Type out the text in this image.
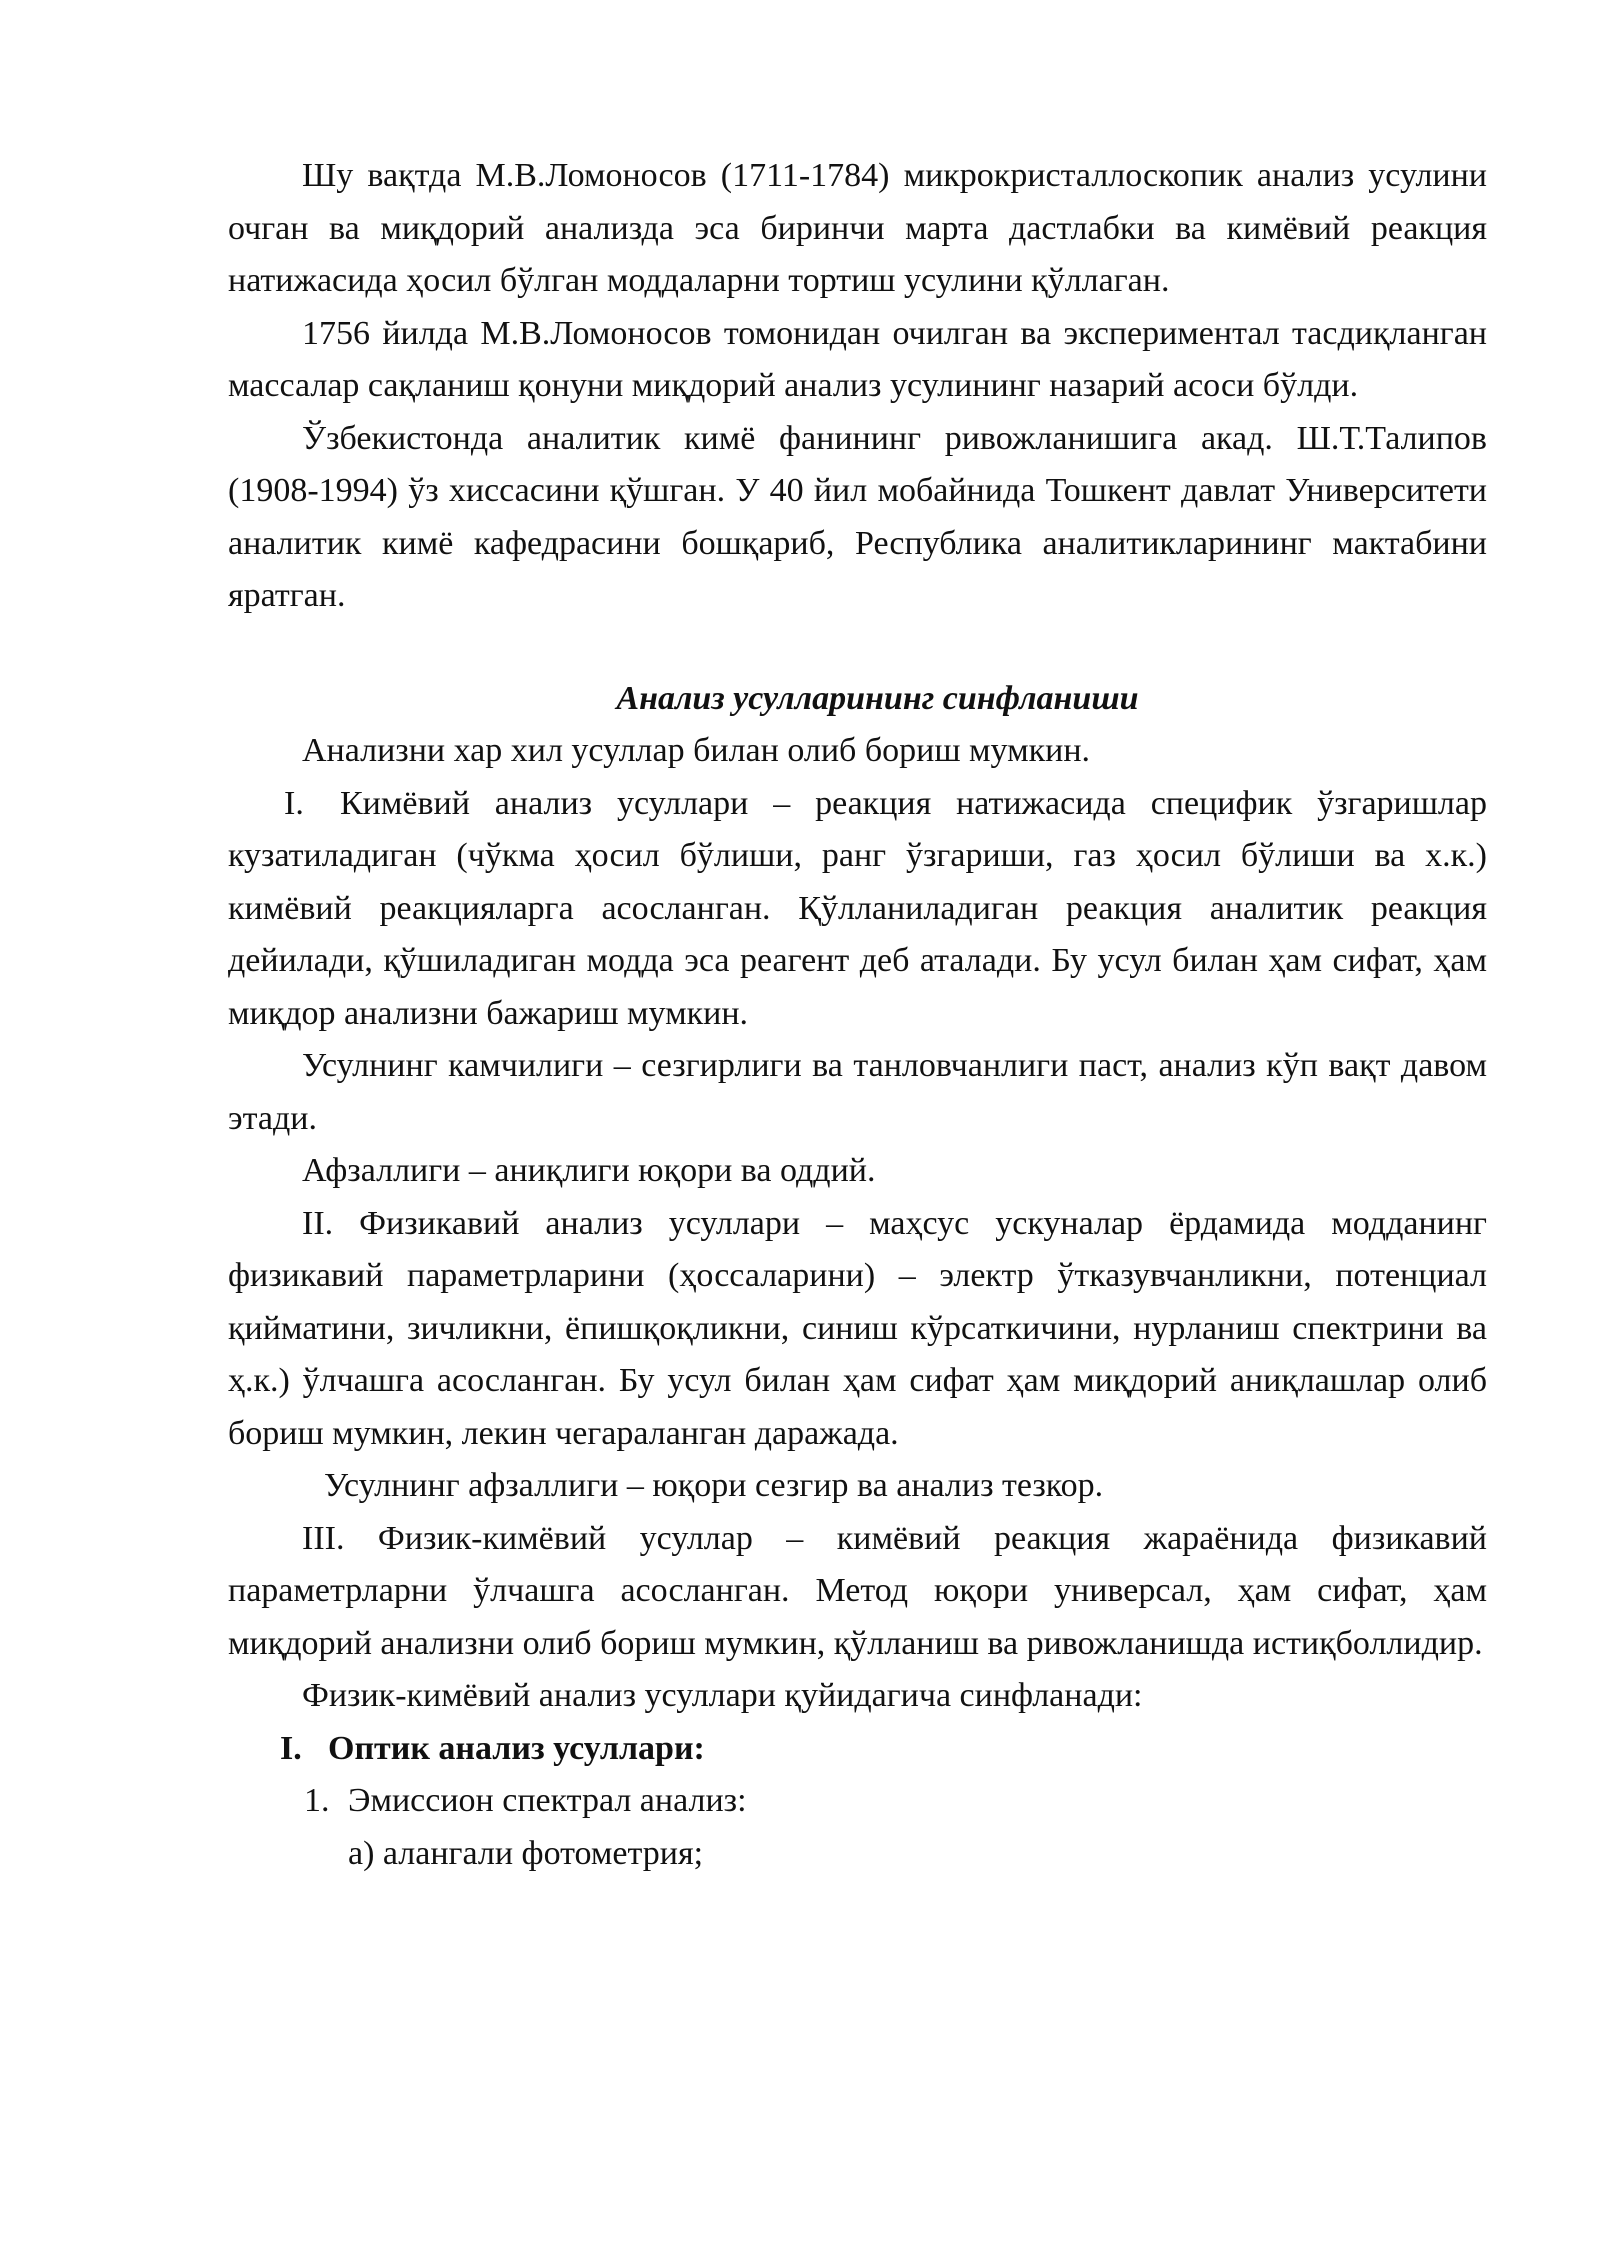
Шу вақтда М.В.Ломоносов (1711-1784) микрокристаллоскопик анализ усулини очган ва миқдорий анализда эса биринчи марта дастлабки ва кимёвий реакция натижасида ҳосил бўлган моддаларни тортиш усулини қўллаган.

1756 йилда М.В.Ломоносов томонидан очилган ва экспериментал тасдиқланган массалар сақланиш қонуни миқдорий анализ усулининг назарий асоси бўлди.

Ўзбекистонда аналитик кимё фанининг ривожланишига акад. Ш.Т.Талипов (1908-1994) ўз хиссасини қўшган. У 40 йил мобайнида Тошкент давлат Университети аналитик кимё кафедрасини бошқариб, Республика аналитикларининг мактабини яратган.

Анализ усулларининг синфланиши

Анализни хар хил усуллар билан олиб бориш мумкин.

I. Кимёвий анализ усуллари – реакция натижасида специфик ўзгаришлар кузатиладиган (чўкма ҳосил бўлиши, ранг ўзгариши, газ ҳосил бўлиши ва х.к.) кимёвий реакцияларга асосланган. Қўлланиладиган реакция аналитик реакция дейилади, қўшиладиган модда эса реагент деб аталади. Бу усул билан ҳам сифат, ҳам миқдор анализни бажариш мумкин.

Усулнинг камчилиги – сезгирлиги ва танловчанлиги паст, анализ кўп вақт давом этади.

Афзаллиги – аниқлиги юқори ва оддий.

II. Физикавий анализ усуллари – маҳсус ускуналар ёрдамида модданинг физикавий параметрларини (ҳоссаларини) – электр ўтказувчанликни, потенциал қийматини, зичликни, ёпишқоқликни, синиш кўрсаткичини, нурланиш спектрини ва ҳ.к.) ўлчашга асосланган. Бу усул билан ҳам сифат ҳам миқдорий аниқлашлар олиб бориш мумкин, лекин чегараланган даражада.

Усулнинг афзаллиги – юқори сезгир ва анализ тезкор.

III. Физик-кимёвий усуллар – кимёвий реакция жараёнида физикавий параметрларни ўлчашга асосланган. Метод юқори универсал, ҳам сифат, ҳам миқдорий анализни олиб бориш мумкин, қўлланиш ва ривожланишда истиқболлидир.

Физик-кимёвий анализ усуллари қуйидагича синфланади:

I. Оптик анализ усуллари:

1. Эмиссион спектрал анализ:

а) алангали фотометрия;
